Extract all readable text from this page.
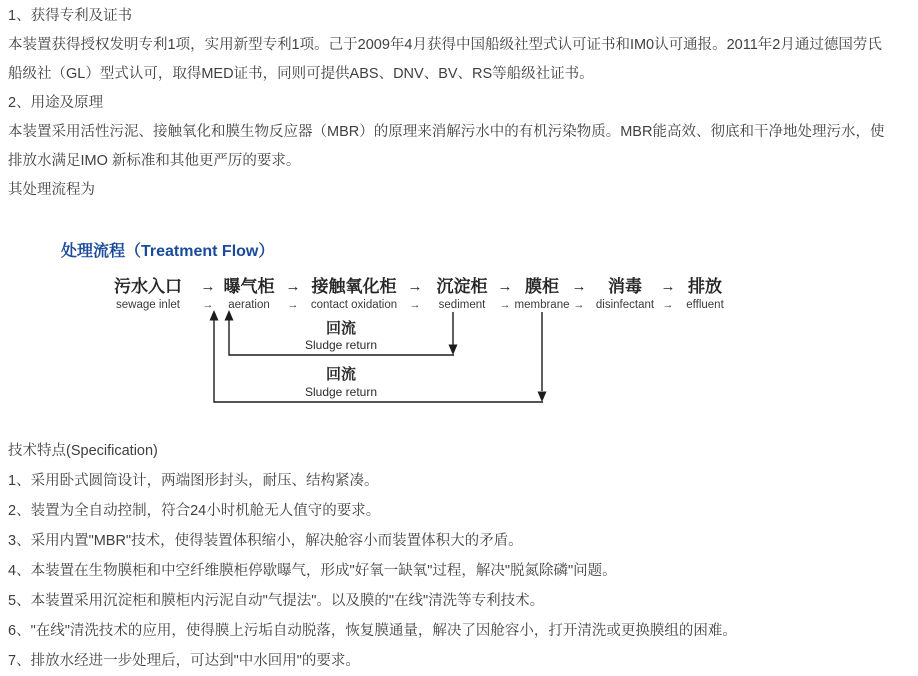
1、获得专利及证书

本装置获得授权发明专利1项，实用新型专利1项。己于2009年4月获得中国船级社型式认可证书和IM0认可通报。2011年2月通过德国劳氏

船级社（GL）型式认可，取得MED证书，同则可提供ABS、DNV、BV、RS等船级社证书。

2、用途及原理

本装置采用活性污泥、接触氧化和膜生物反应器（MBR）的原理来消解污水中的有机污染物质。MBR能高效、彻底和干净地处理污水，使

排放水满足IMO 新标准和其他更严厉的要求。

其处理流程为

处理流程（Treatment Flow）
污水入口
sewage inlet
→
→
曝气柜
aeration
→
→
接触氧化柜
contact oxidation
→
→
沉淀柜
sediment
→
→
膜柜
membrane
→
→
消毒
disinfectant
→
→
排放
effluent
回流
Sludge return
回流
Sludge return

技术特点(Specification)

1、采用卧式圆筒设计，两端图形封头，耐压、结构紧凑。

2、装置为全自动控制，符合24小时机舱无人值守的要求。

3、采用内置"MBR"技术，使得装置体积缩小，解决舱容小而装置体积大的矛盾。

4、本装置在生物膜柜和中空纤维膜柜停歇曝气，形成"好氧一缺氧"过程，解决"脱氮除磷"问题。

5、本装置采用沉淀柜和膜柜内污泥自动"气提法"。以及膜的"在线"清洗等专利技术。

6、"在线"清洗技术的应用，使得膜上污垢自动脱落，恢复膜通量，解决了因舱容小，打开清洗或更换膜组的困难。

7、排放水经进一步处理后，可达到"中水回用"的要求。
